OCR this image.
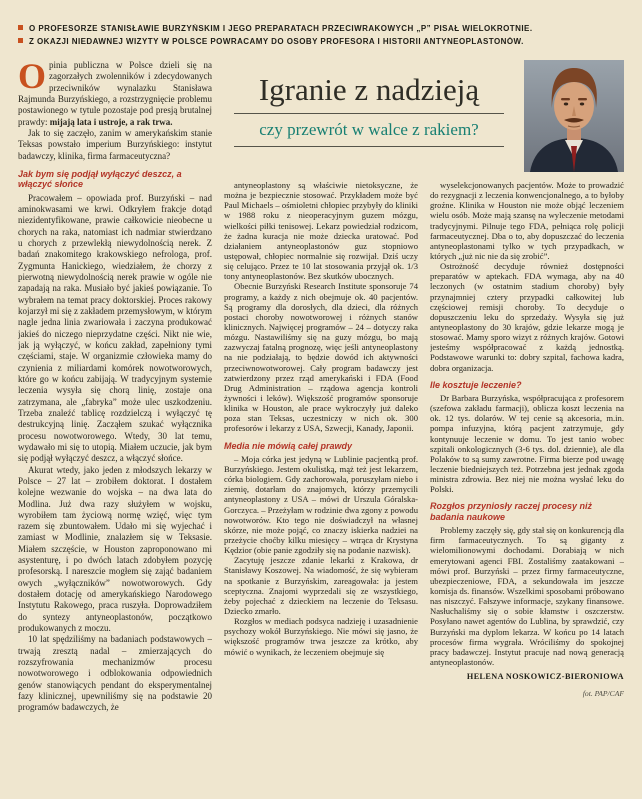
O PROFESORZE STANISŁAWIE BURZYŃSKIM I JEGO PREPARATACH PRZECIWRAKOWYCH „P” PISAŁ WIELOKROTNIE.
Z OKAZJI NIEDAWNEJ WIZYTY W POLSCE POWRACAMY DO OSOBY PROFESORA I HISTORII ANTYNEOPLASTONÓW.

Opinia publiczna w Polsce dzieli się na zagorzałych zwolenników i zdecydowanych przeciwników wynalazku Stanisława Rajmunda Burzyńskiego, a rozstrzygnięcie problemu postawionego w tytule pozostaje pod presją brutalnej prawdy: mijają lata i ustroje, a rak trwa.

Jak to się zaczęło, zanim w amerykańskim stanie Teksas powstało imperium Burzyńskiego: instytut badawczy, klinika, firma farmaceutyczna?

Jak bym się podjął wyłączyć deszcz, a włączyć słońce

Pracowałem – opowiada prof. Burzyński – nad aminokwasami we krwi. Odkryłem frakcje dotąd niezidentyfikowane, prawie całkowicie nieobecne u chorych na raka, natomiast ich nadmiar stwierdzano u chorych z przewlekłą niewydolnością nerek. Z badań znakomitego krakowskiego nefrologa, prof. Zygmunta Hanickiego, wiedziałem, że chorzy z pierwotną niewydolnością nerek prawie w ogóle nie zapadają na raka. Musiało być jakieś powiązanie. To wybrałem na temat pracy doktorskiej. Proces rakowy kojarzył mi się z zakładem przemysłowym, w którym nagle jedna linia zwariowała i zaczyna produkować jakieś do niczego nieprzydatne części. Nikt nie wie, jak ją wyłączyć, w końcu zakład, zapełniony tymi częściami, staje. W organizmie człowieka mamy do czynienia z miliardami komórek nowotworowych, które go w końcu zabijają. W tradycyjnym systemie leczenia wysyła się chorą linię, zostaje ona zatrzymana, ale „fabryka” może ulec uszkodzeniu. Trzeba znaleźć tablicę rozdzielczą i wyłączyć tę destrukcyjną linię. Zacząłem szukać wyłącznika procesu nowotworowego. Wtedy, 30 lat temu, wydawało mi się to utopią. Miałem uczucie, jak bym się podjął wyłączyć deszcz, a włączyć słońce.

Akurat wtedy, jako jeden z młodszych lekarzy w Polsce – 27 lat – zrobiłem doktorat. I dostałem kolejne wezwanie do wojska – na dwa lata do Modlina. Już dwa razy służyłem w wojsku, wyrobiłem tam życiową normę wzięć, więc tym razem się zbuntowałem. Udało mi się wyjechać i zamiast w Modlinie, znalazłem się w Teksasie. Miałem szczęście, w Houston zaproponowano mi asystenturę, i po dwóch latach zdobyłem pozycję profesorską. I nareszcie mogłem się zająć badaniem owych „wyłączników” nowotworowych. Gdy dostałem dotację od amerykańskiego Narodowego Instytutu Rakowego, praca ruszyła. Doprowadziłem do syntezy antyneoplastonów, początkowo produkowanych z moczu.

10 lat spędziliśmy na badaniach podstawowych – trwają zresztą nadal – zmierzających do rozszyfrowania mechanizmów procesu nowotworowego i odblokowania odpowiednich genów stanowiących pendant do eksperymentalnej fazy klinicznej, upewniliśmy się na podstawie 20 programów badawczych, że

Igranie z nadzieją
czy przewrót w walce z rakiem?

antyneoplastony są właściwie nietoksyczne, że można je bezpiecznie stosować. Przykładem może być Paul Michaels – ośmioletni chłopiec przybyły do kliniki w 1988 roku z nieoperacyjnym guzem mózgu, wielkości piłki tenisowej. Lekarz powiedział rodzicom, że żadna kuracja nie może dziecka uratować. Pod działaniem antyneoplastonów guz stopniowo ustępował, chłopiec normalnie się rozwijał. Dziś uczy się celująco. Przez te 10 lat stosowania przyjął ok. 1/3 tony antyneoplastonów. Bez skutków ubocznych.

Obecnie Burzyński Research Institute sponsoruje 74 programy, a każdy z nich obejmuje ok. 40 pacjentów. Są programy dla dorosłych, dla dzieci, dla różnych postaci choroby nowotworowej i różnych stanów klinicznych. Najwięcej programów – 24 – dotyczy raka mózgu. Nastawiliśmy się na guzy mózgu, bo mają zazwyczaj fatalną prognozę, więc jeśli antyneoplastony na nie podziałają, to będzie dowód ich aktywności przeciwnowotworowej. Cały program badawczy jest zatwierdzony przez rząd amerykański i FDA (Food Drug Administration – rządowa agencja kontroli żywności i leków). Większość programów sponsoruje klinika w Houston, ale prace wykroczyły już daleko poza stan Teksas, uczestniczy w nich ok. 300 profesorów i lekarzy z USA, Szwecji, Kanady, Japonii.

Media nie mówią całej prawdy

– Moja córka jest jedyną w Lublinie pacjentką prof. Burzyńskiego. Jestem okulistką, mąż też jest lekarzem, córka biologiem. Gdy zachorowała, poruszyłam niebo i ziemię, dotarłam do znajomych, którzy przemycili antyneoplastony z USA – mówi dr Urszula Góralska-Gorczyca. – Przeżyłam w rodzinie dwa zgony z powodu nowotworów. Kto tego nie doświadczył na własnej skórze, nie może pojąć, co znaczy iskierka nadziei na przeżycie choćby kilku miesięcy – wtrąca dr Krystyna Kędzior (obie panie zgodziły się na podanie nazwisk).

Zacytuję jeszcze zdanie lekarki z Krakowa, dr Stanisławy Koszowej. Na wiadomość, że się wybieram na spotkanie z Burzyńskim, zareagowała: ja jestem sceptyczna. Znajomi wyprzedali się ze wszystkiego, żeby pojechać z dzieckiem na leczenie do Teksasu. Dziecko zmarło.

Rozgłos w mediach podsyca nadzieję i uzasadnienie psychozy wokół Burzyńskiego. Nie mówi się jasno, że większość programów trwa jeszcze za krótko, aby mówić o wynikach, że leczeniem obejmuje się

wyselekcjonowanych pacjentów. Może to prowadzić do rezygnacji z leczenia konwencjonalnego, a to byłoby groźne. Klinika w Houston nie może objąć leczeniem wielu osób. Może mają szansę na wyleczenie metodami tradycyjnymi. Pilnuje tego FDA, pełniąca rolę policji farmaceutycznej. Dba o to, aby dopuszczać do leczenia antyneoplastonami tylko w tych przypadkach, w których „już nic nie da się zrobić”.

Ostrożność decyduje również dostępności preparatów w aptekach. FDA wymaga, aby na 40 leczonych (w ostatnim stadium choroby) były przynajmniej cztery przypadki całkowitej lub częściowej remisji choroby. To decyduje o dopuszczeniu leku do sprzedaży. Wysyła się już antyneoplastony do 30 krajów, gdzie lekarze mogą je stosować. Mamy sporo wizyt z różnych krajów. Gotowi jesteśmy współpracować z każdą jednostką. Podstawowe warunki to: dobry szpital, fachowa kadra, dobra organizacja.

Ile kosztuje leczenie?

Dr Barbara Burzyńska, współpracująca z profesorem (szefowa zakładu farmacji), oblicza koszt leczenia na ok. 12 tys. dolarów. W tej cenie są akcesoria, m.in. pompa infuzyjna, którą pacjent zatrzymuje, gdy kontynuuje leczenie w domu. To jest tanio wobec szpitali onkologicznych (3-6 tys. dol. dziennie), ale dla Polaków to są sumy zawrotne. Firma bierze pod uwagę leczenie biedniejszych też. Potrzebna jest jednak zgoda ministra zdrowia. Bez niej nie można wysłać leku do Polski.

Rozgłos przyniosły raczej procesy niż badania naukowe

Problemy zaczęły się, gdy stał się on konkurencją dla firm farmaceutycznych. To są giganty z wielomilionowymi dochodami. Dorabiają w nich emerytowani agenci FBI. Zostaliśmy zaatakowani – mówi prof. Burzyński – przez firmy farmaceutyczne, ubezpieczeniowe, FDA, a sekundowała im jeszcze komisja ds. finansów. Wszelkimi sposobami próbowano nas niszczyć. Fałszywe informacje, szykany finansowe. Nasłuchaliśmy się o sobie kłamstw i oszczerstw. Posyłano nawet agentów do Lublina, by sprawdzić, czy Burzyński ma dyplom lekarza. W końcu po 14 latach procesów firma wygrała. Wróciliśmy do spokojnej pracy badawczej. Instytut pracuje nad nową generacją antyneoplastonów.

HELENA NOSKOWICZ-BIERONIOWA
fot. PAP/CAF
